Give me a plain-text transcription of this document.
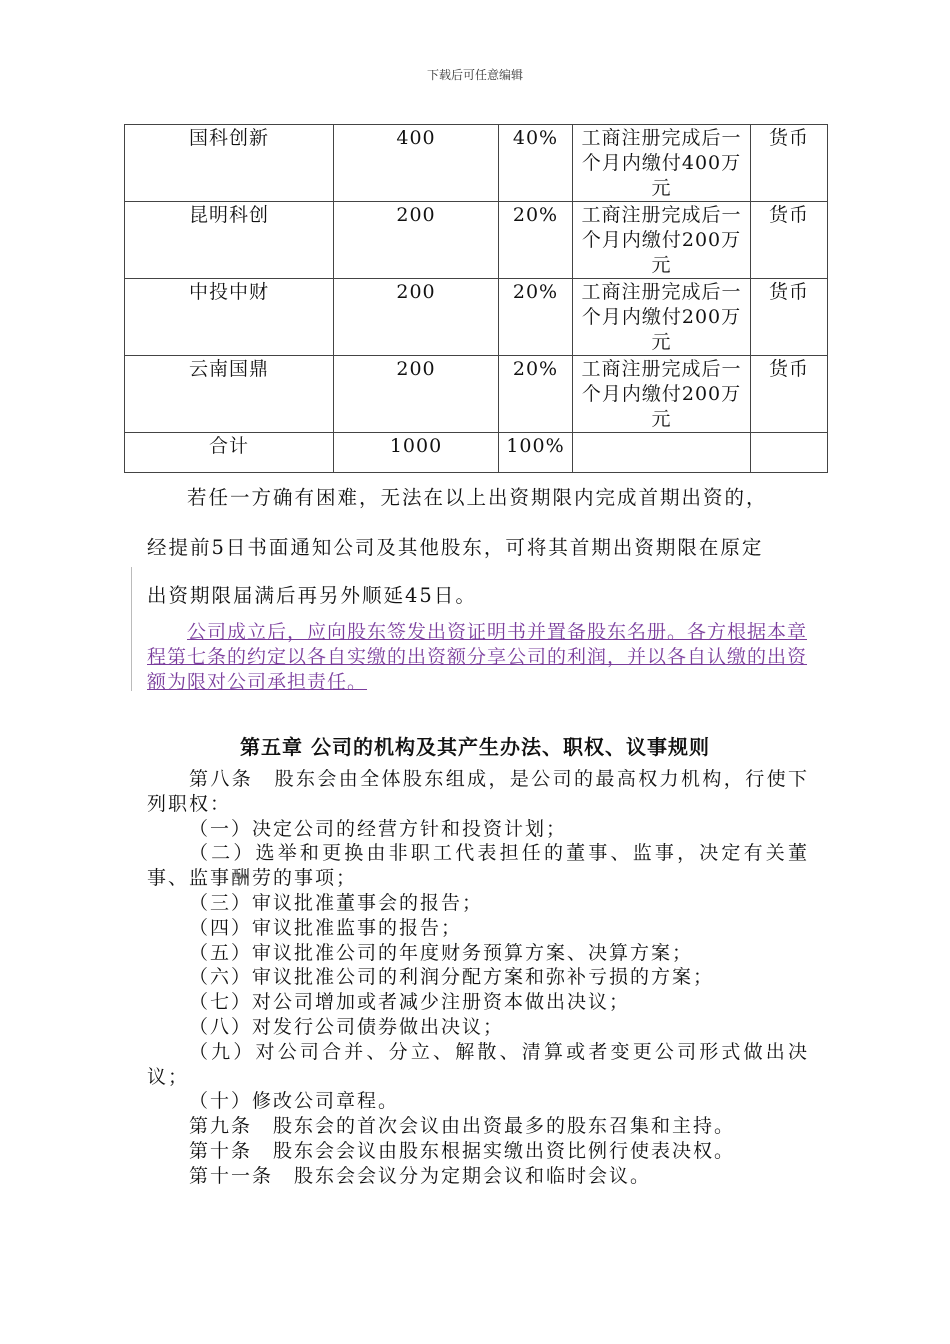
下载后可任意编辑
国科创新	400	40%	工商注册完成后一个月内缴付400万元	货币
昆明科创	200	20%	工商注册完成后一个月内缴付200万元	货币
中投中财	200	20%	工商注册完成后一个月内缴付200万元	货币
云南国鼎	200	20%	工商注册完成后一个月内缴付200万元	货币
合计	1000	100%		
若任一方确有困难，无法在以上出资期限内完成首期出资的，
经提前5日书面通知公司及其他股东，可将其首期出资期限在原定
出资期限届满后再另外顺延45日。

公司成立后，应向股东签发出资证明书并置备股东名册。各方根据本章程第七条的约定以各自实缴的出资额分享公司的利润，并以各自认缴的出资额为限对公司承担责任。

第五章 公司的机构及其产生办法、职权、议事规则

第八条　股东会由全体股东组成，是公司的最高权力机构，行使下列职权：

（一）决定公司的经营方针和投资计划；

（二）选举和更换由非职工代表担任的董事、监事，决定有关董事、监事酬劳的事项；

（三）审议批准董事会的报告；

（四）审议批准监事的报告；

（五）审议批准公司的年度财务预算方案、决算方案；

（六）审议批准公司的利润分配方案和弥补亏损的方案；

（七）对公司增加或者减少注册资本做出决议；

（八）对发行公司债券做出决议；

（九）对公司合并、分立、解散、清算或者变更公司形式做出决议；

（十）修改公司章程。

第九条　股东会的首次会议由出资最多的股东召集和主持。

第十条　股东会会议由股东根据实缴出资比例行使表决权。

第十一条　股东会会议分为定期会议和临时会议。
